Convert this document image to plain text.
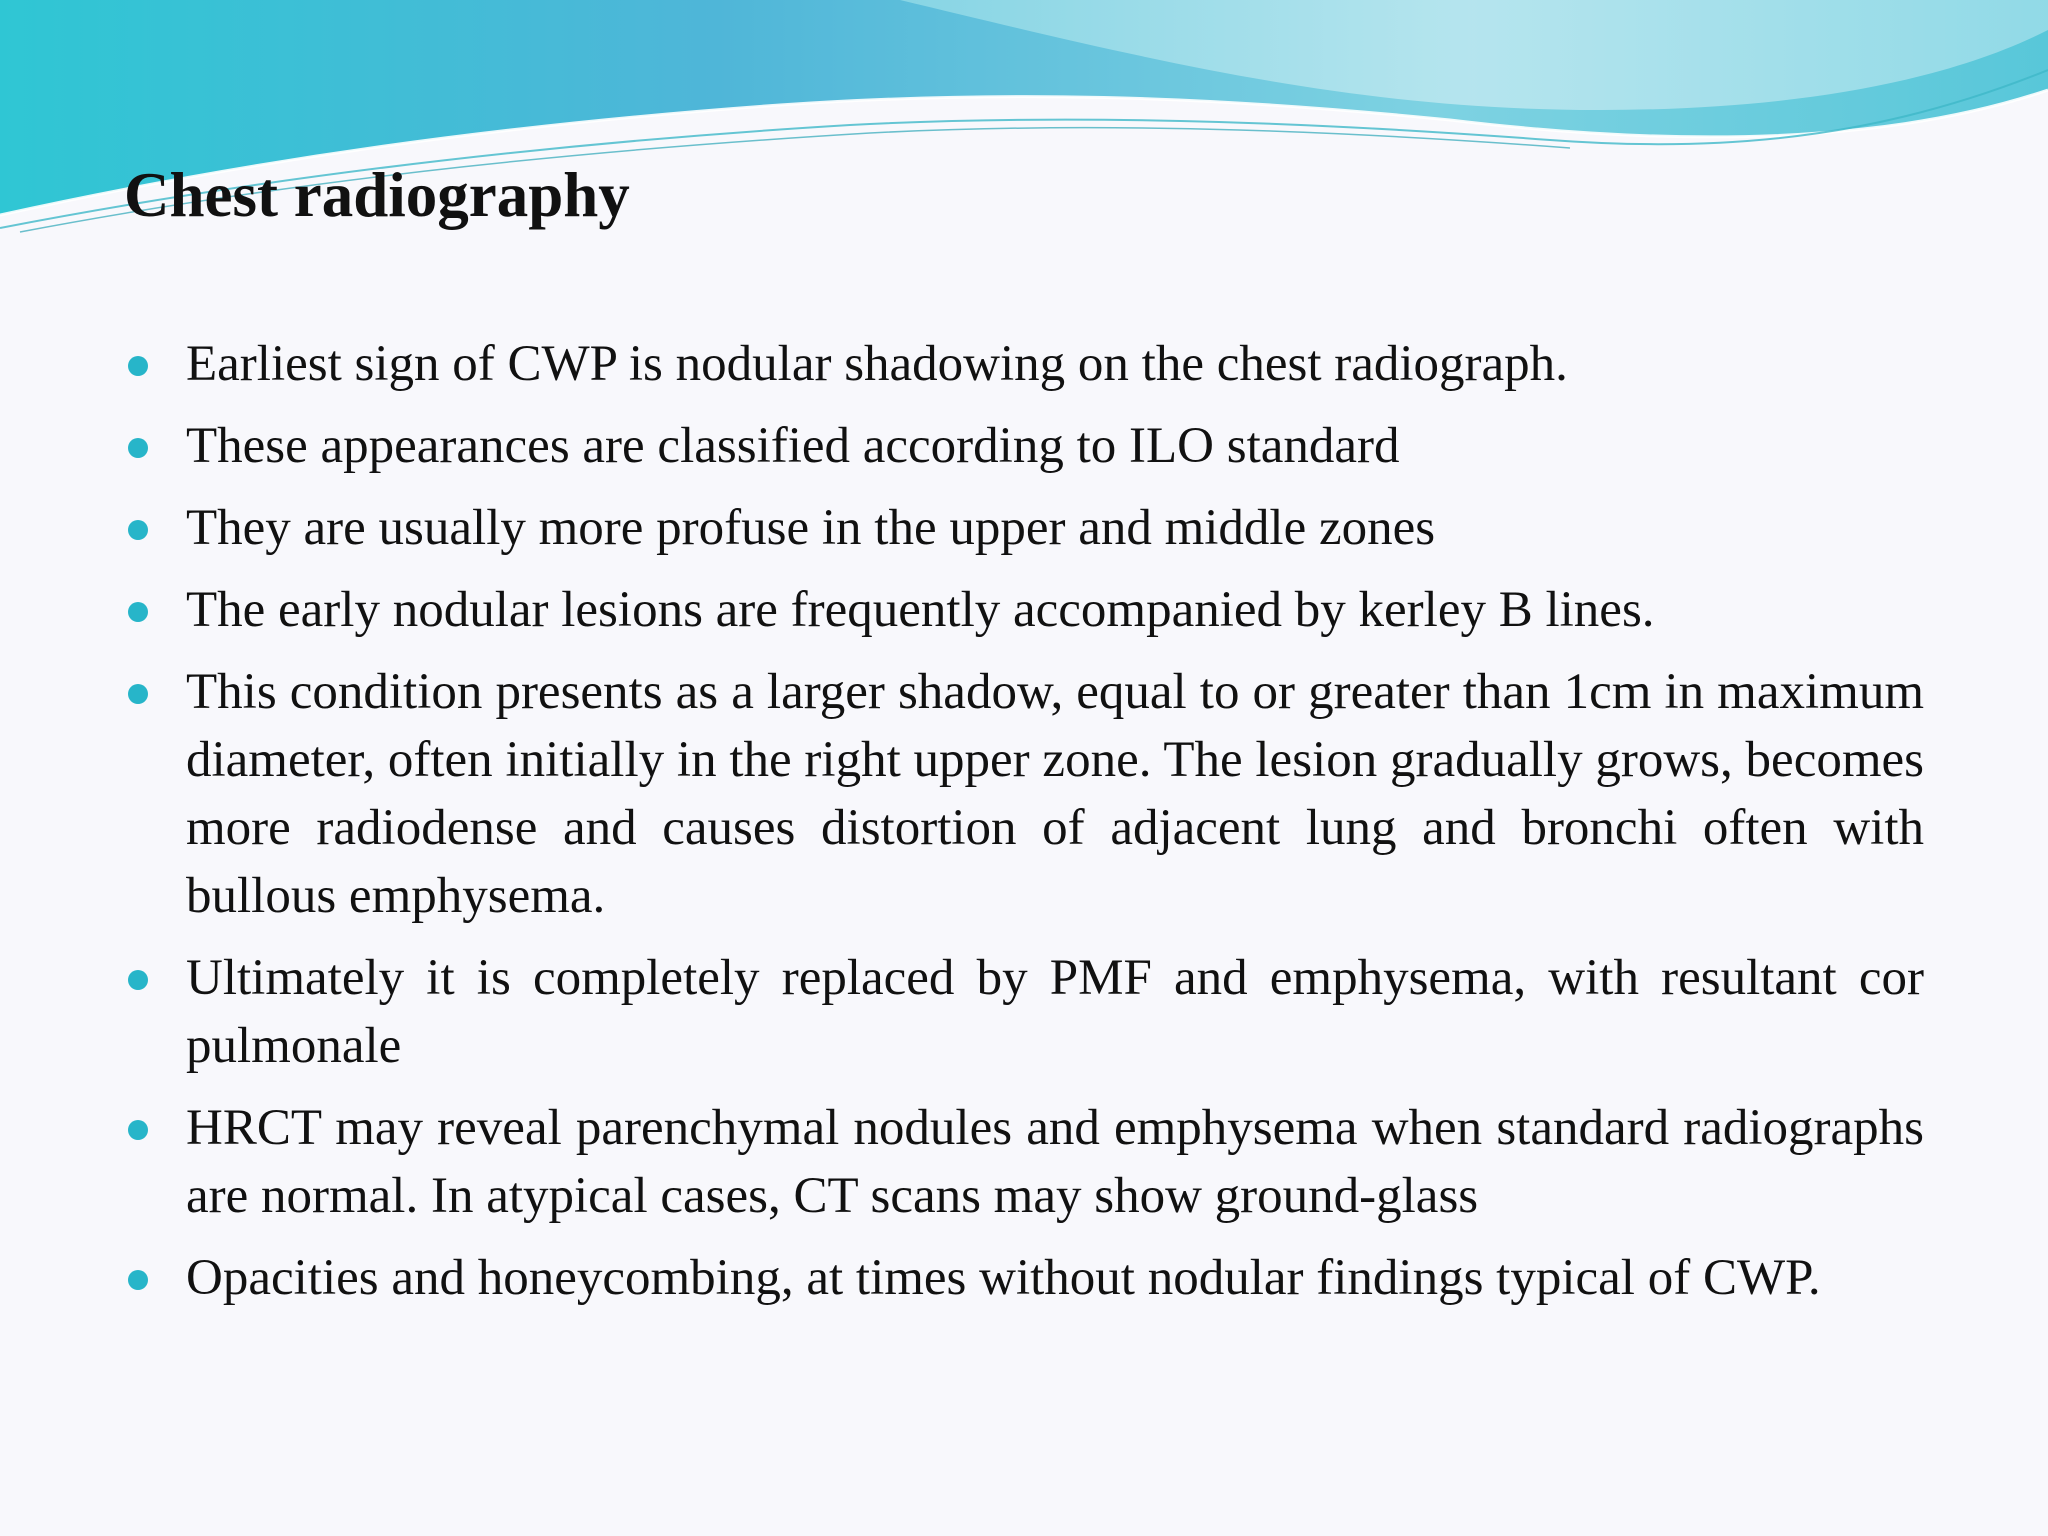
Chest radiography
Earliest sign of CWP is nodular shadowing on the chest radiograph.
These appearances are classified according to ILO standard
They are usually more profuse in the upper and middle zones
The early nodular lesions are frequently accompanied by kerley B lines.
This condition presents as a larger shadow, equal to or greater than 1cm in maximum diameter, often initially in the right upper zone. The lesion gradually grows, becomes more radiodense and causes distortion of adjacent lung and bronchi often with bullous emphysema.
Ultimately it is completely replaced by PMF and emphysema, with resultant cor pulmonale
HRCT may reveal parenchymal nodules and emphysema when standard radiographs are normal. In atypical cases, CT scans may show ground-glass
Opacities and honeycombing, at times without nodular findings typical of CWP.
